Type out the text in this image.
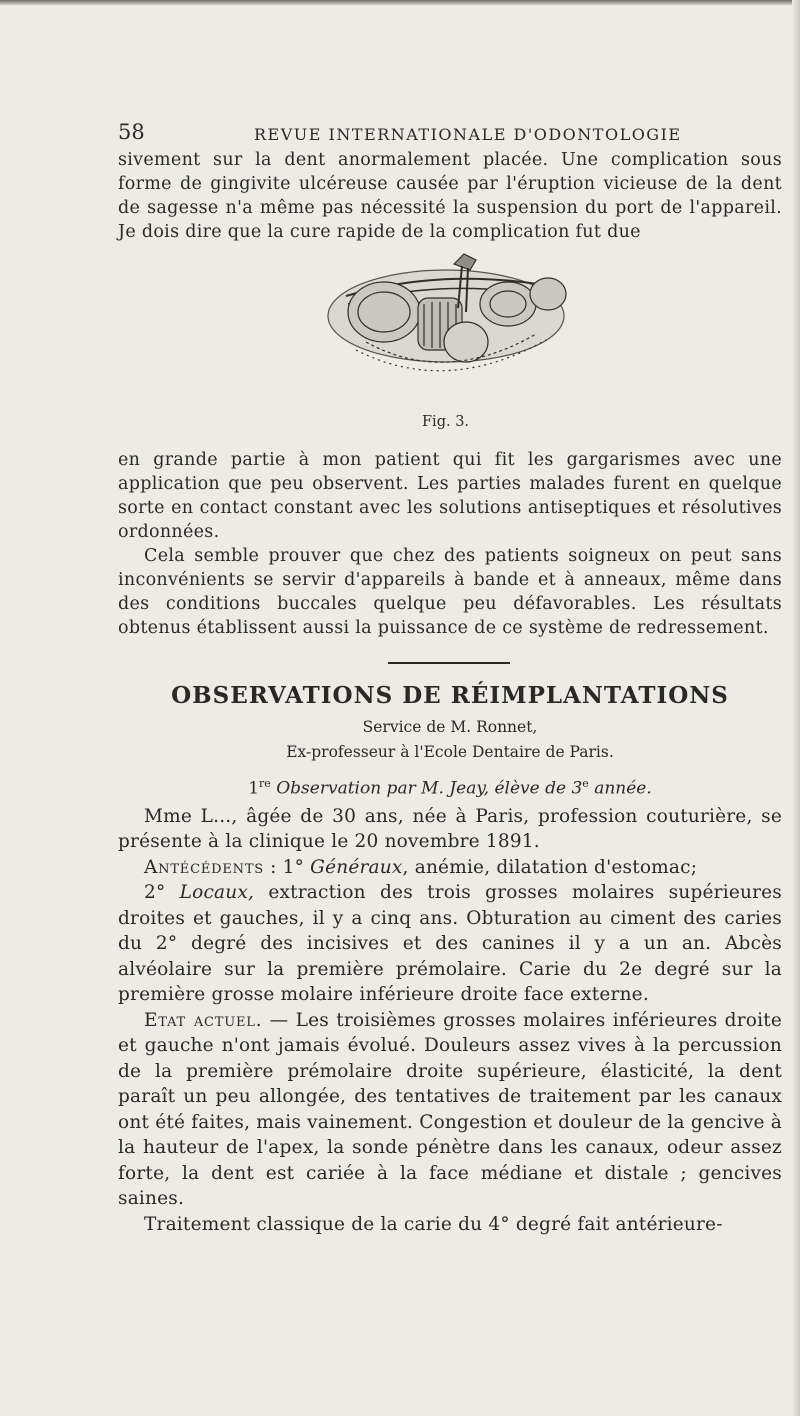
58	REVUE INTERNATIONALE D'ODONTOLOGIE

sivement sur la dent anormalement placée. Une complication sous forme de gingivite ulcéreuse causée par l'éruption vicieuse de la dent de sagesse n'a même pas nécessité la suspension du port de l'appareil. Je dois dire que la cure rapide de la complication fut due

Fig. 3.

en grande partie à mon patient qui fit les gargarismes avec une application que peu observent. Les parties malades furent en quelque sorte en contact constant avec les solutions antiseptiques et résolutives ordonnées.

Cela semble prouver que chez des patients soigneux on peut sans inconvénients se servir d'appareils à bande et à anneaux, même dans des conditions buccales quelque peu défavorables. Les résultats obtenus établissent aussi la puissance de ce système de redressement.

OBSERVATIONS DE RÉIMPLANTATIONS

Service de M. Ronnet,

Ex-professeur à l'Ecole Dentaire de Paris.

1re Observation par M. Jeay, élève de 3e année.

Mme L..., âgée de 30 ans, née à Paris, profession couturière, se présente à la clinique le 20 novembre 1891.

Antécédents : 1° Généraux, anémie, dilatation d'estomac;

2° Locaux, extraction des trois grosses molaires supérieures droites et gauches, il y a cinq ans. Obturation au ciment des caries du 2° degré des incisives et des canines il y a un an. Abcès alvéolaire sur la première prémolaire. Carie du 2e degré sur la première grosse molaire inférieure droite face externe.

Etat actuel. — Les troisièmes grosses molaires inférieures droite et gauche n'ont jamais évolué. Douleurs assez vives à la percussion de la première prémolaire droite supérieure, élasticité, la dent paraît un peu allongée, des tentatives de traitement par les canaux ont été faites, mais vainement. Congestion et douleur de la gencive à la hauteur de l'apex, la sonde pénètre dans les canaux, odeur assez forte, la dent est cariée à la face médiane et distale ; gencives saines.

Traitement classique de la carie du 4° degré fait antérieure-
